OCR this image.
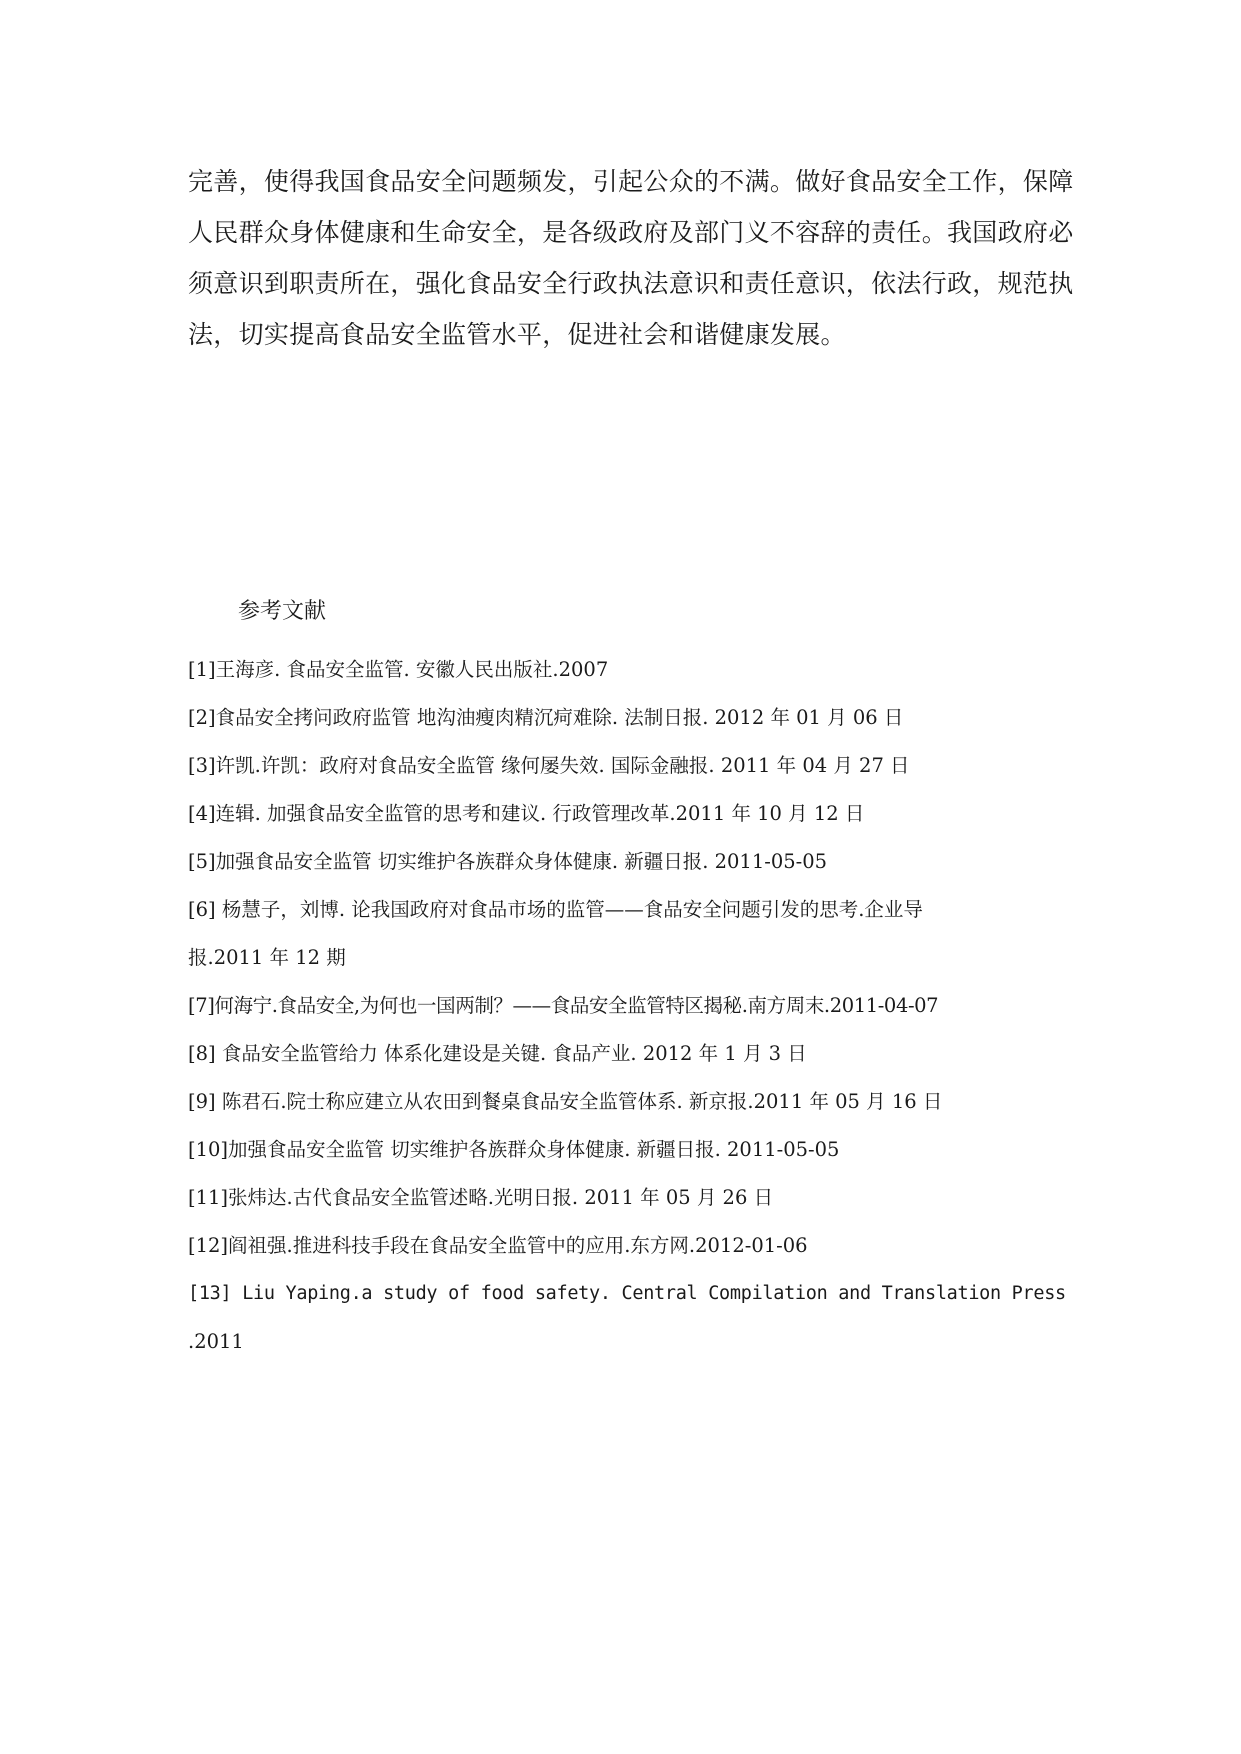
完善，使得我国食品安全问题频发，引起公众的不满。做好食品安全工作，保障
人民群众身体健康和生命安全，是各级政府及部门义不容辞的责任。我国政府必
须意识到职责所在，强化食品安全行政执法意识和责任意识，依法行政，规范执
法，切实提高食品安全监管水平，促进社会和谐健康发展。
参考文献
[1]王海彦. 食品安全监管. 安徽人民出版社.2007
[2]食品安全拷问政府监管 地沟油瘦肉精沉疴难除. 法制日报. 2012 年 01 月 06 日
[3]许凯.许凯：政府对食品安全监管 缘何屡失效. 国际金融报. 2011 年 04 月 27 日
[4]连辑. 加强食品安全监管的思考和建议. 行政管理改革.2011 年 10 月 12 日
[5]加强食品安全监管 切实维护各族群众身体健康. 新疆日报. 2011-05-05
[6] 杨慧子，刘博. 论我国政府对食品市场的监管——食品安全问题引发的思考.企业导
报.2011 年 12 期
[7]何海宁.食品安全,为何也一国两制？——食品安全监管特区揭秘.南方周末.2011-04-07
[8] 食品安全监管给力 体系化建设是关键. 食品产业. 2012 年 1 月 3 日
[9] 陈君石.院士称应建立从农田到餐桌食品安全监管体系. 新京报.2011 年 05 月 16 日
[10]加强食品安全监管 切实维护各族群众身体健康. 新疆日报. 2011-05-05
[11]张炜达.古代食品安全监管述略.光明日报. 2011 年 05 月 26 日
[12]阎祖强.推进科技手段在食品安全监管中的应用.东方网.2012-01-06
[13] Liu Yaping.a study of food safety. Central Compilation and Translation Press
.2011
